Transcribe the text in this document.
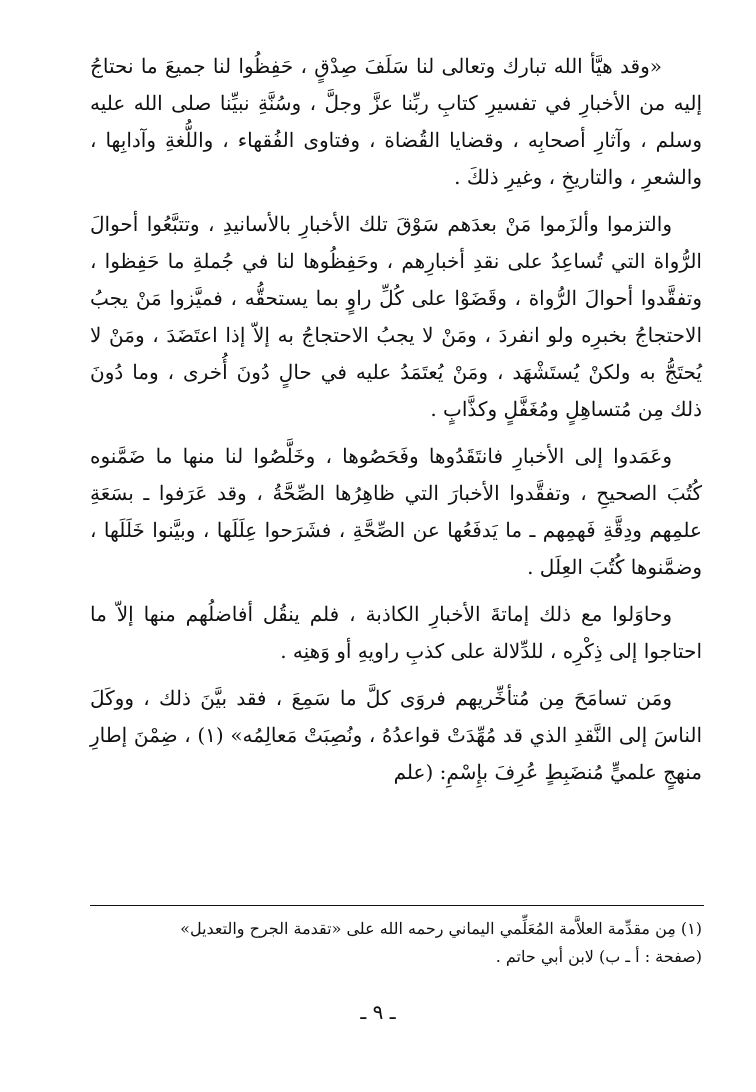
«وقد هيَّأ الله تبارك وتعالى لنا سَلَفَ صِدْقٍ ، حَفِظُوا لنا جميعَ ما نحتاجُ إليه من الأخبارِ في تفسيرِ كتابِ ربِّنا عزَّ وجلَّ ، وسُنَّةِ نبيِّنا صلى الله عليه وسلم ، وآثارِ أصحابِه ، وقضايا القُضاة ، وفتاوى الفُقهاء ، واللُّغةِ وآدابِها ، والشعرِ ، والتاريخِ ، وغيرِ ذلكَ .

والتزموا وألزَموا مَنْ بعدَهم سَوْقَ تلك الأخبارِ بالأسانيدِ ، وتتبَّعُوا أحوالَ الرُّواة التي تُساعِدُ على نقدِ أخبارِهم ، وحَفِظُوها لنا في جُملةِ ما حَفِظوا ، وتفقَّدوا أحوالَ الرُّواة ، وقَضَوْا على كُلِّ راوٍ بما يستحقُّه ، فميَّزوا مَنْ يجبُ الاحتجاجُ بخبرِه ولو انفردَ ، ومَنْ لا يجبُ الاحتجاجُ به إلاّ إذا اعتَضَدَ ، ومَنْ لا يُحتَجُّ به ولكنْ يُستَشْهَد ، ومَنْ يُعتَمَدُ عليه في حالٍ دُونَ أُخرى ، وما دُونَ ذلك مِن مُتساهِلٍ ومُغَفَّلٍ وكذَّابٍ .

وعَمَدوا إلى الأخبارِ فانتَقَدُوها وفَحَصُوها ، وخَلَّصُوا لنا منها ما ضَمَّنوه كُتُبَ الصحيحِ ، وتفقَّدوا الأخبارَ التي ظاهِرُها الصِّحَّةُ ، وقد عَرَفوا ـ بسَعَةِ علمِهم ودِقَّةِ فَهمِهم ـ ما يَدفَعُها عن الصِّحَّةِ ، فشَرَحوا عِلَلَها ، وبيَّنوا خَلَلَها ، وضمَّنوها كُتُبَ العِلَل .

وحاوَلوا مع ذلك إماتةَ الأخبارِ الكاذبة ، فلم ينقُل أفاضلُهم منها إلاّ ما احتاجوا إلى ذِكْرِه ، للدِّلالة على كذبِ راويهِ أو وَهنِه .

ومَن تسامَحَ مِن مُتأخِّريهم فروَى كلَّ ما سَمِعَ ، فقد بيَّنَ ذلك ، ووكَلَ الناسَ إلى النَّقدِ الذي قد مُهِّدَتْ قواعدُهُ ، ونُصِبَتْ مَعالِمُه» (١) ، ضِمْنَ إطارِ منهجٍ علميٍّ مُنضَبِطٍ عُرِفَ بإِسْمِ: (علم

(١) مِن مقدِّمة العلاَّمة المُعَلِّمي اليماني رحمه الله على «تقدمة الجرح والتعديل»
(صفحة : أ ـ ب) لابن أبي حاتم .
ـ ٩ ـ
